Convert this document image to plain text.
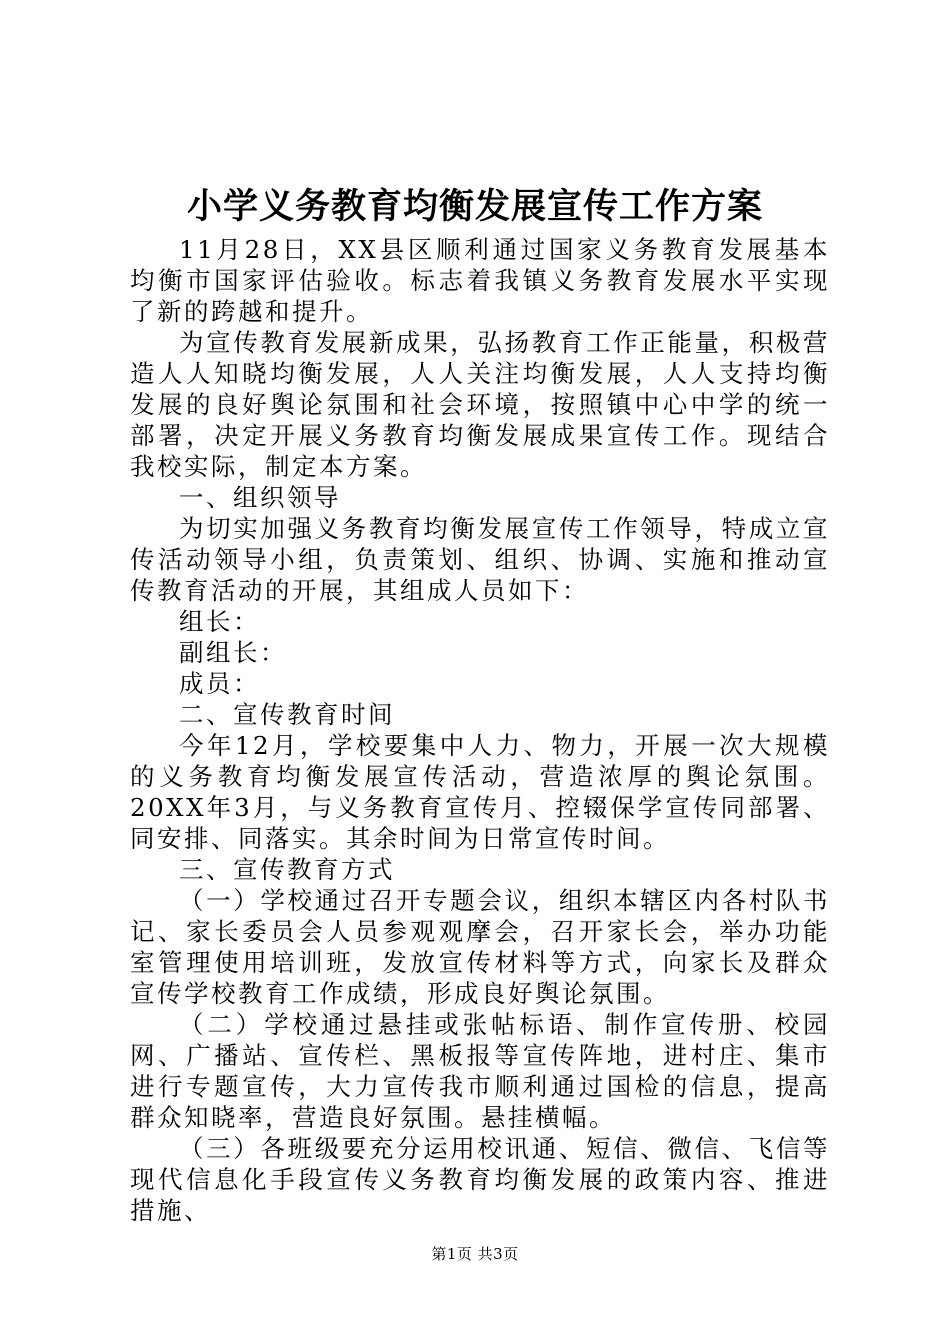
小学义务教育均衡发展宣传工作方案

11月28日，XX县区顺利通过国家义务教育发展基本均衡市国家评估验收。标志着我镇义务教育发展水平实现了新的跨越和提升。

为宣传教育发展新成果，弘扬教育工作正能量，积极营造人人知晓均衡发展，人人关注均衡发展，人人支持均衡发展的良好舆论氛围和社会环境，按照镇中心中学的统一部署，决定开展义务教育均衡发展成果宣传工作。现结合我校实际，制定本方案。

一、组织领导

为切实加强义务教育均衡发展宣传工作领导，特成立宣传活动领导小组，负责策划、组织、协调、实施和推动宣传教育活动的开展，其组成人员如下：

组长：

副组长：

成员：

二、宣传教育时间

今年12月，学校要集中人力、物力，开展一次大规模的义务教育均衡发展宣传活动，营造浓厚的舆论氛围。20XX年3月，与义务教育宣传月、控辍保学宣传同部署、同安排、同落实。其余时间为日常宣传时间。

三、宣传教育方式

（一）学校通过召开专题会议，组织本辖区内各村队书记、家长委员会人员参观观摩会，召开家长会，举办功能室管理使用培训班，发放宣传材料等方式，向家长及群众宣传学校教育工作成绩，形成良好舆论氛围。

（二）学校通过悬挂或张帖标语、制作宣传册、校园网、广播站、宣传栏、黑板报等宣传阵地，进村庄、集市进行专题宣传，大力宣传我市顺利通过国检的信息，提高群众知晓率，营造良好氛围。悬挂横幅。

（三）各班级要充分运用校讯通、短信、微信、飞信等现代信息化手段宣传义务教育均衡发展的政策内容、推进措施、

第1页 共3页
